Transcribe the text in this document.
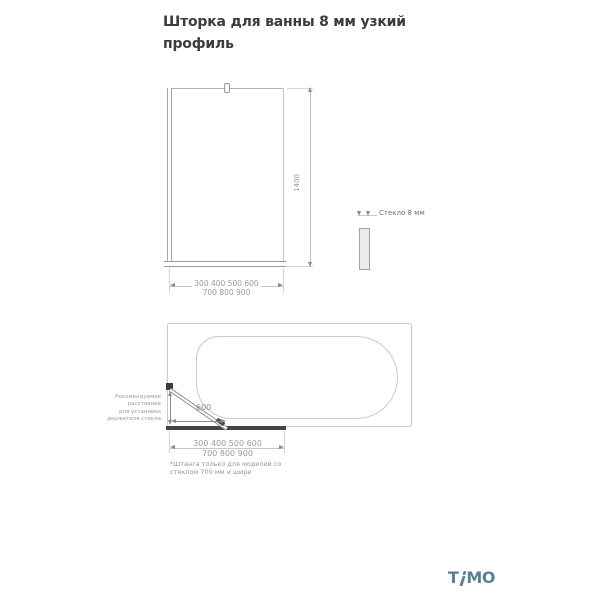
Шторка для ванны 8 мм узкий
профиль
1400
300 400 500 600
700 800 900
Стекло 8 мм
600
Рекомендуемое
расстояние
для установки
держателя стекла
300 400 500 600
700 800 900
*Штанга только для моделей со
стеклом 700 мм и шире
T MO
